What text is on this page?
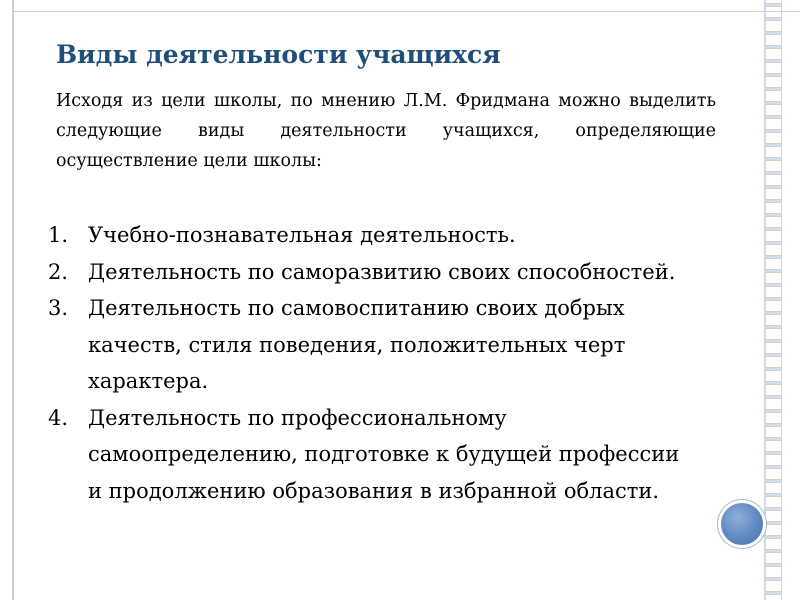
Виды деятельности учащихся

Исходя из цели школы, по мнению Л.М. Фридмана можно выделить следующие виды деятельности учащихся, определяющие осуществление цели школы:

1. Учебно-познавательная деятельность.
2. Деятельность по саморазвитию своих способностей.
3. Деятельность по самовоспитанию своих добрых качеств, стиля поведения, положительных черт характера.
4. Деятельность по профессиональному самоопределению, подготовке к будущей профессии и продолжению образования в избранной области.
